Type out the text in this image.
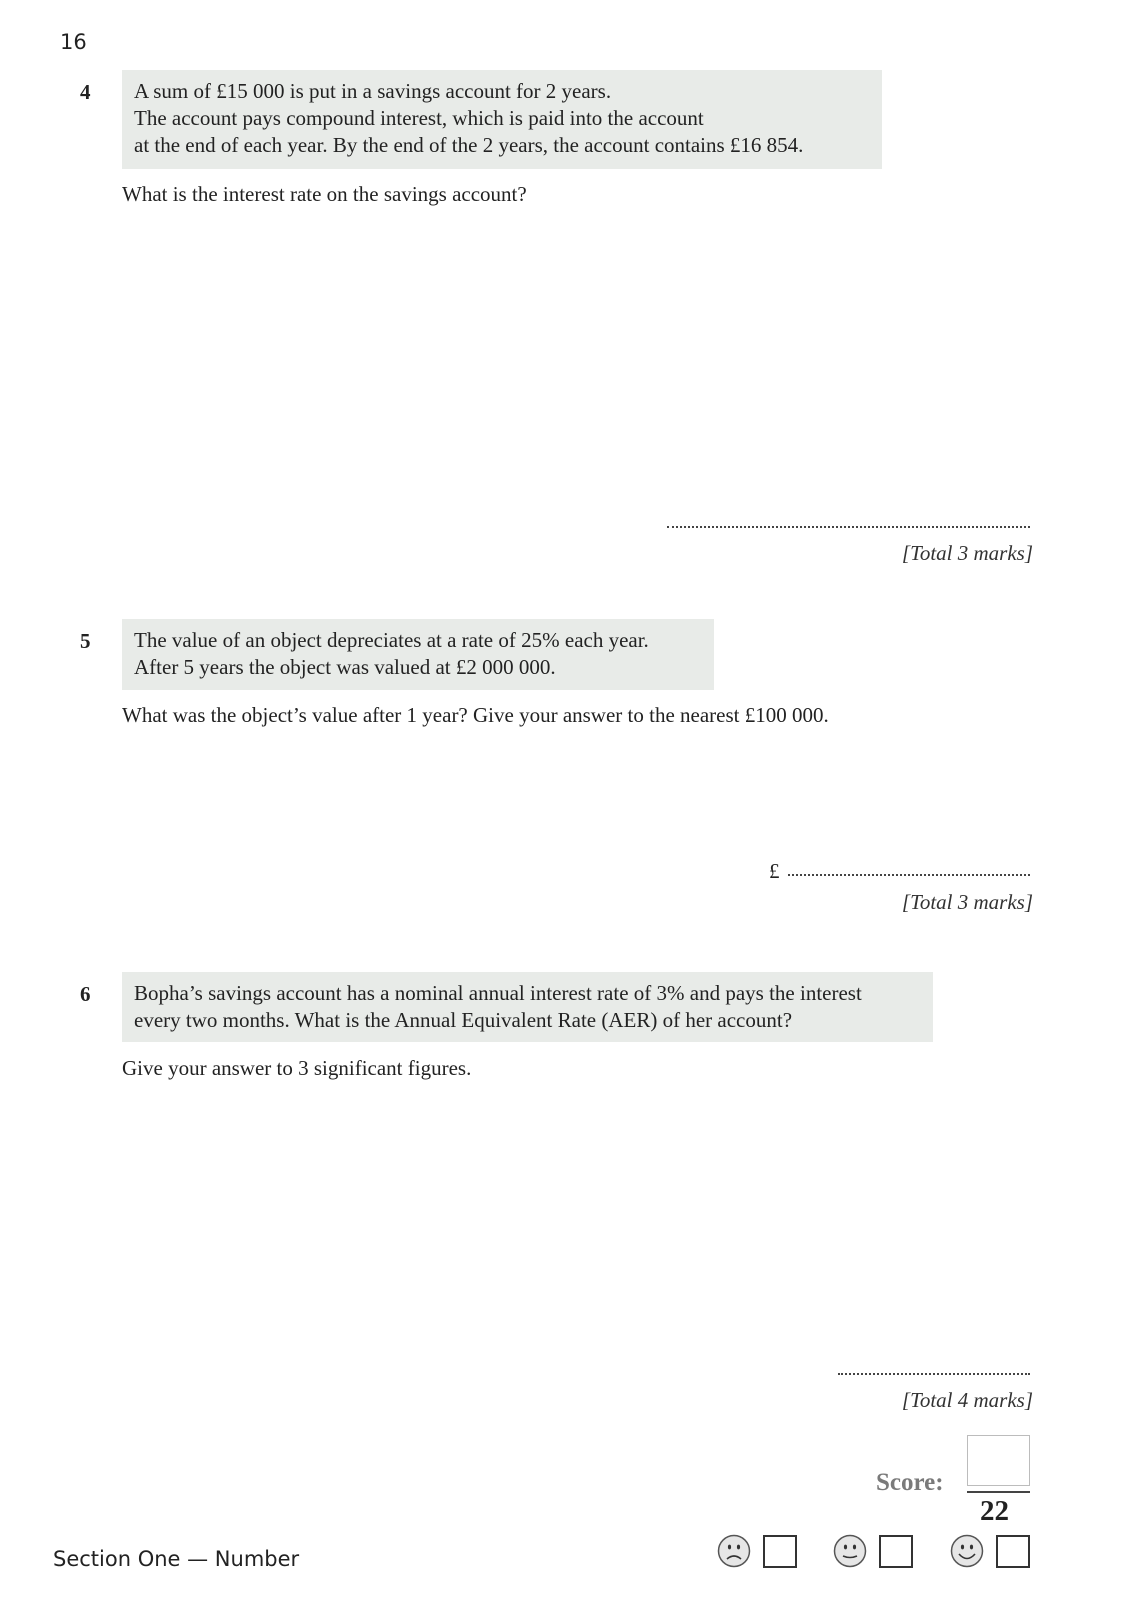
16
4 A sum of £15 000 is put in a savings account for 2 years.
The account pays compound interest, which is paid into the account
at the end of each year. By the end of the 2 years, the account contains £16 854.
What is the interest rate on the savings account?
[Total 3 marks]
5 The value of an object depreciates at a rate of 25% each year.
After 5 years the object was valued at £2 000 000.
What was the object’s value after 1 year? Give your answer to the nearest £100 000.
£
[Total 3 marks]
6 Bopha’s savings account has a nominal annual interest rate of 3% and pays the interest
every two months. What is the Annual Equivalent Rate (AER) of her account?
Give your answer to 3 significant figures.
[Total 4 marks]
Score:
22
Section One — Number
